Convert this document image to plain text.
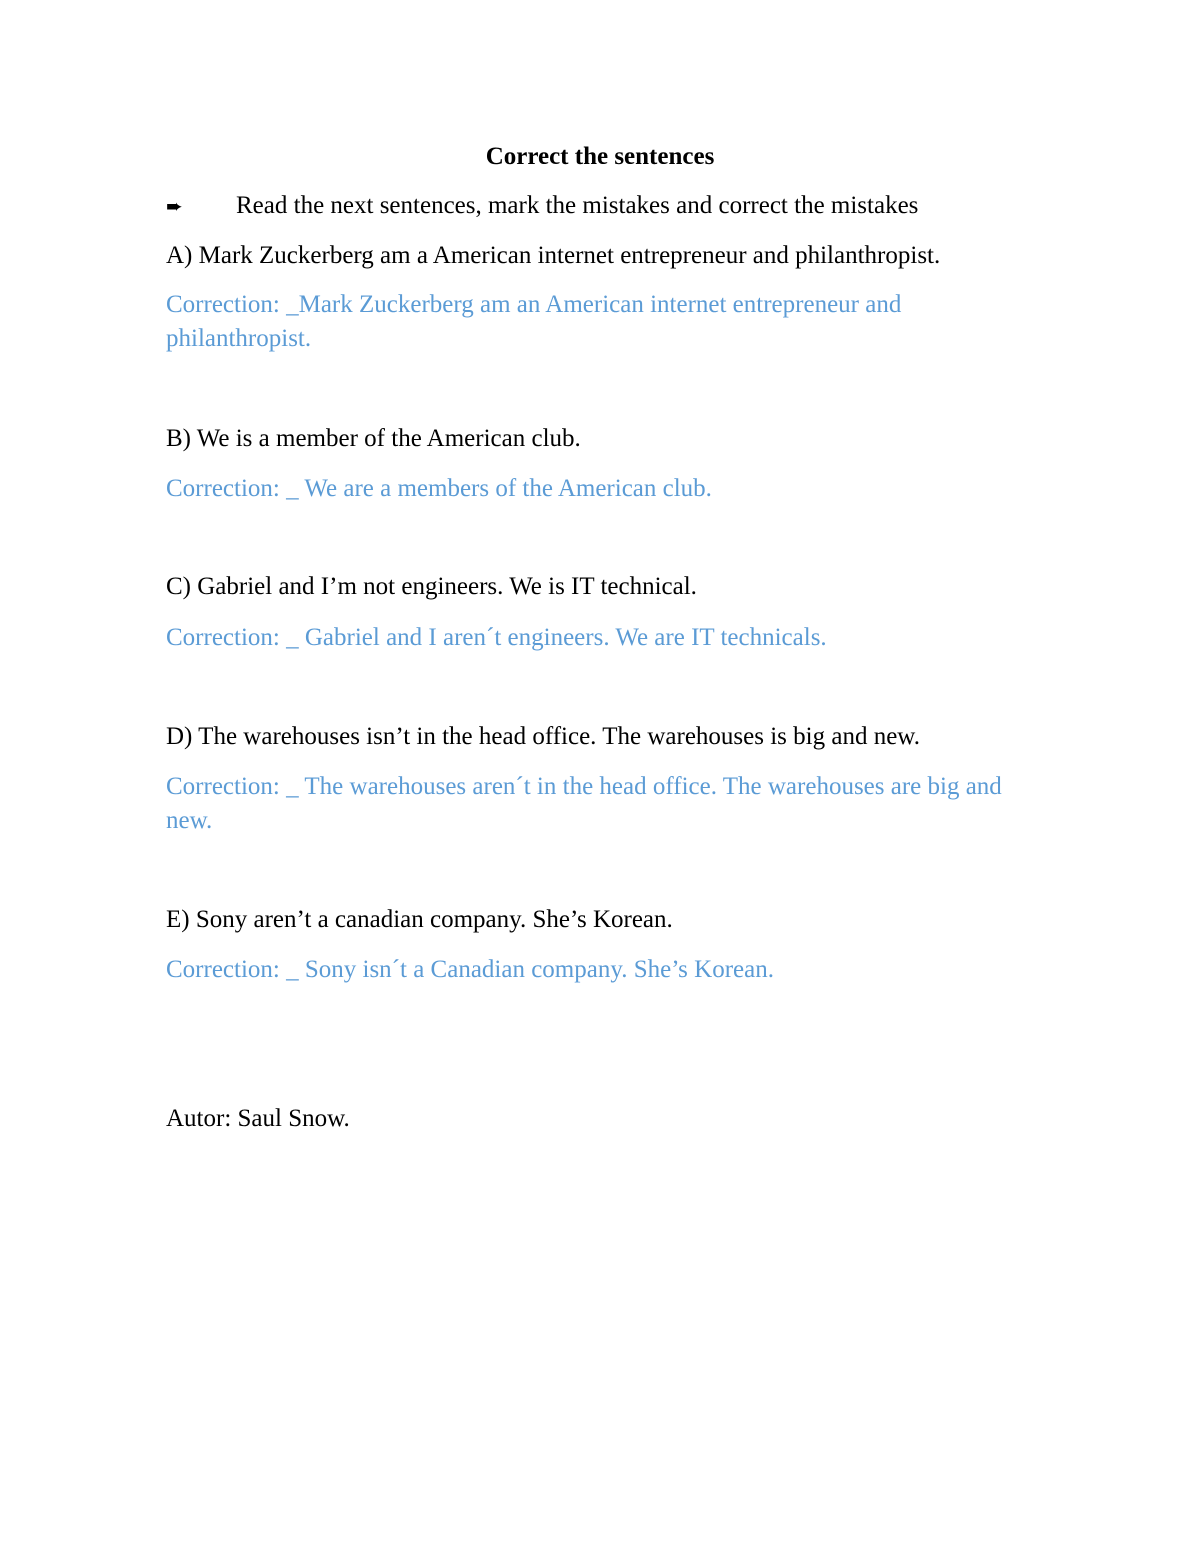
Correct the sentences
➨ Read the next sentences, mark the mistakes and correct the mistakes
A) Mark Zuckerberg am a American internet entrepreneur and philanthropist.
Correction: _Mark Zuckerberg am an American internet entrepreneur and philanthropist.
B) We is a member of the American club.
Correction: _ We are a members of the American club.
C) Gabriel and I’m not engineers. We is IT technical.
Correction: _ Gabriel and I aren´t engineers. We are IT technicals.
D) The warehouses isn’t in the head office. The warehouses is big and new.
Correction: _ The warehouses aren´t in the head office. The warehouses are big and new.
E) Sony aren’t a canadian company. She’s Korean.
Correction: _ Sony isn´t a Canadian company. She’s Korean.
Autor: Saul Snow.
